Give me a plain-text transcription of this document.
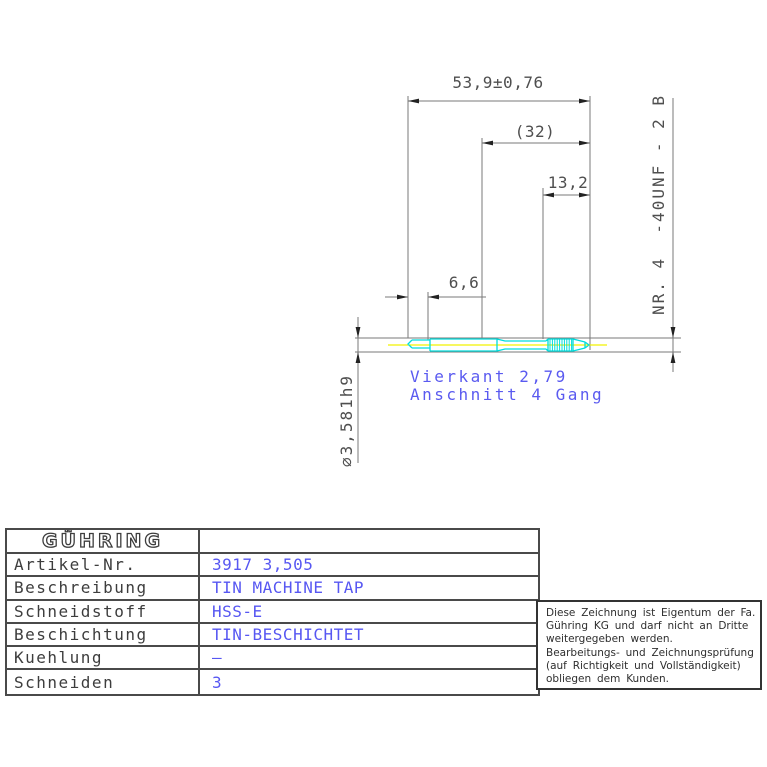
53,9±0,76
(32)
13,2
6,6
⌀3,581h9
NR. 4  -40UNF - 2 B
Vierkant 2,79
Anschnitt 4 Gang
GÜHRING
Artikel-Nr.	3917 3,505
Beschreibung	TIN MACHINE TAP
Schneidstoff	HSS-E
Beschichtung	TIN-BESCHICHTET
Kuehlung	–
Schneiden	3
Diese Zeichnung ist Eigentum der Fa.
Gühring KG und darf nicht an Dritte
weitergegeben werden.
Bearbeitungs- und Zeichnungsprüfung
(auf Richtigkeit und Vollständigkeit)
obliegen dem Kunden.
